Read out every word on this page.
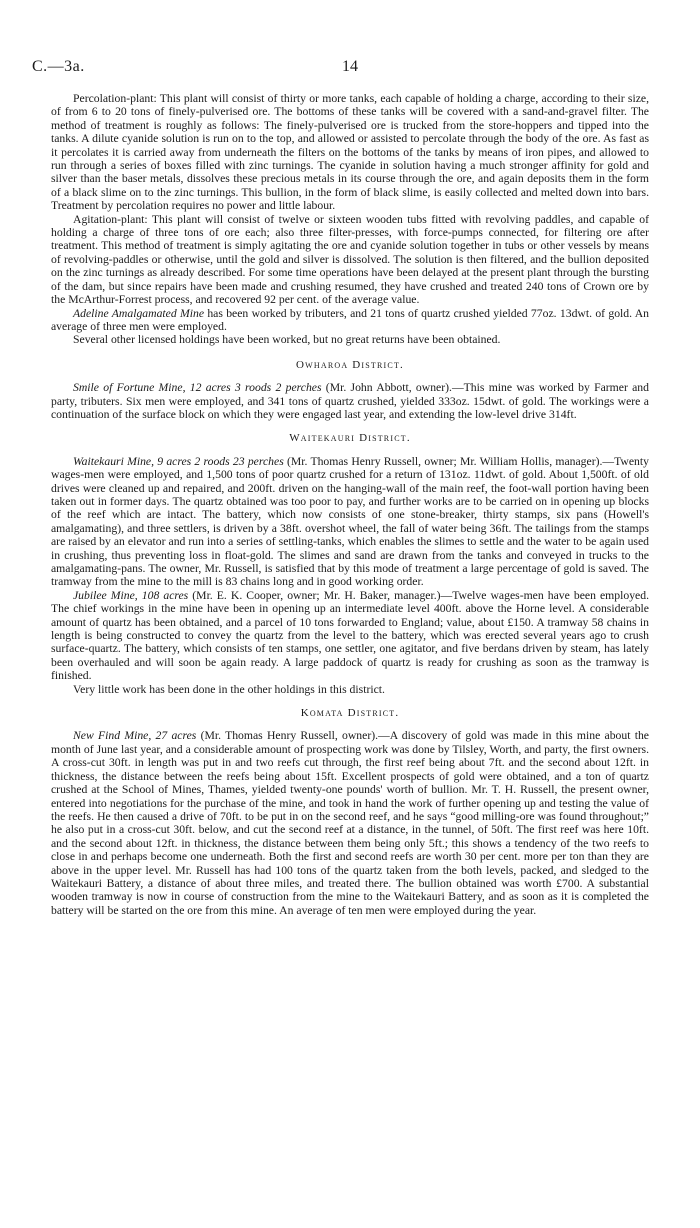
C.—3a.	14

Percolation-plant: This plant will consist of thirty or more tanks, each capable of holding a charge, according to their size, of from 6 to 20 tons of finely-pulverised ore. The bottoms of these tanks will be covered with a sand-and-gravel filter. The method of treatment is roughly as follows: The finely-pulverised ore is trucked from the store-hoppers and tipped into the tanks. A dilute cyanide solution is run on to the top, and allowed or assisted to percolate through the body of the ore. As fast as it percolates it is carried away from underneath the filters on the bottoms of the tanks by means of iron pipes, and allowed to run through a series of boxes filled with zinc turnings. The cyanide in solution having a much stronger affinity for gold and silver than the baser metals, dissolves these precious metals in its course through the ore, and again deposits them in the form of a black slime on to the zinc turnings. This bullion, in the form of black slime, is easily collected and melted down into bars. Treatment by percolation requires no power and little labour.

Agitation-plant: This plant will consist of twelve or sixteen wooden tubs fitted with revolving paddles, and capable of holding a charge of three tons of ore each; also three filter-presses, with force-pumps connected, for filtering ore after treatment. This method of treatment is simply agitating the ore and cyanide solution together in tubs or other vessels by means of revolving-paddles or otherwise, until the gold and silver is dissolved. The solution is then filtered, and the bullion deposited on the zinc turnings as already described. For some time operations have been delayed at the present plant through the bursting of the dam, but since repairs have been made and crushing resumed, they have crushed and treated 240 tons of Crown ore by the McArthur-Forrest process, and recovered 92 per cent. of the average value.

Adeline Amalgamated Mine has been worked by tributers, and 21 tons of quartz crushed yielded 77oz. 13dwt. of gold. An average of three men were employed.

Several other licensed holdings have been worked, but no great returns have been obtained.

Owharoa District.

Smile of Fortune Mine, 12 acres 3 roods 2 perches (Mr. John Abbott, owner).—This mine was worked by Farmer and party, tributers. Six men were employed, and 341 tons of quartz crushed, yielded 333oz. 15dwt. of gold. The workings were a continuation of the surface block on which they were engaged last year, and extending the low-level drive 314ft.

Waitekauri District.

Waitekauri Mine, 9 acres 2 roods 23 perches (Mr. Thomas Henry Russell, owner; Mr. William Hollis, manager).—Twenty wages-men were employed, and 1,500 tons of poor quartz crushed for a return of 131oz. 11dwt. of gold. About 1,500ft. of old drives were cleaned up and repaired, and 200ft. driven on the hanging-wall of the main reef, the foot-wall portion having been taken out in former days. The quartz obtained was too poor to pay, and further works are to be carried on in opening up blocks of the reef which are intact. The battery, which now consists of one stone-breaker, thirty stamps, six pans (Howell's amalgamating), and three settlers, is driven by a 38ft. overshot wheel, the fall of water being 36ft. The tailings from the stamps are raised by an elevator and run into a series of settling-tanks, which enables the slimes to settle and the water to be again used in crushing, thus preventing loss in float-gold. The slimes and sand are drawn from the tanks and conveyed in trucks to the amalgamating-pans. The owner, Mr. Russell, is satisfied that by this mode of treatment a large percentage of gold is saved. The tramway from the mine to the mill is 83 chains long and in good working order.

Jubilee Mine, 108 acres (Mr. E. K. Cooper, owner; Mr. H. Baker, manager.)—Twelve wages-men have been employed. The chief workings in the mine have been in opening up an intermediate level 400ft. above the Horne level. A considerable amount of quartz has been obtained, and a parcel of 10 tons forwarded to England; value, about £150. A tramway 58 chains in length is being constructed to convey the quartz from the level to the battery, which was erected several years ago to crush surface-quartz. The battery, which consists of ten stamps, one settler, one agitator, and five berdans driven by steam, has lately been overhauled and will soon be again ready. A large paddock of quartz is ready for crushing as soon as the tramway is finished.

Very little work has been done in the other holdings in this district.

Komata District.

New Find Mine, 27 acres (Mr. Thomas Henry Russell, owner).—A discovery of gold was made in this mine about the month of June last year, and a considerable amount of prospecting work was done by Tilsley, Worth, and party, the first owners. A cross-cut 30ft. in length was put in and two reefs cut through, the first reef being about 7ft. and the second about 12ft. in thickness, the distance between the reefs being about 15ft. Excellent prospects of gold were obtained, and a ton of quartz crushed at the School of Mines, Thames, yielded twenty-one pounds' worth of bullion. Mr. T. H. Russell, the present owner, entered into negotiations for the purchase of the mine, and took in hand the work of further opening up and testing the value of the reefs. He then caused a drive of 70ft. to be put in on the second reef, and he says “good milling-ore was found throughout;” he also put in a cross-cut 30ft. below, and cut the second reef at a distance, in the tunnel, of 50ft. The first reef was here 10ft. and the second about 12ft. in thickness, the distance between them being only 5ft.; this shows a tendency of the two reefs to close in and perhaps become one underneath. Both the first and second reefs are worth 30 per cent. more per ton than they are above in the upper level. Mr. Russell has had 100 tons of the quartz taken from the both levels, packed, and sledged to the Waitekauri Battery, a distance of about three miles, and treated there. The bullion obtained was worth £700. A substantial wooden tramway is now in course of construction from the mine to the Waitekauri Battery, and as soon as it is completed the battery will be started on the ore from this mine. An average of ten men were employed during the year.
